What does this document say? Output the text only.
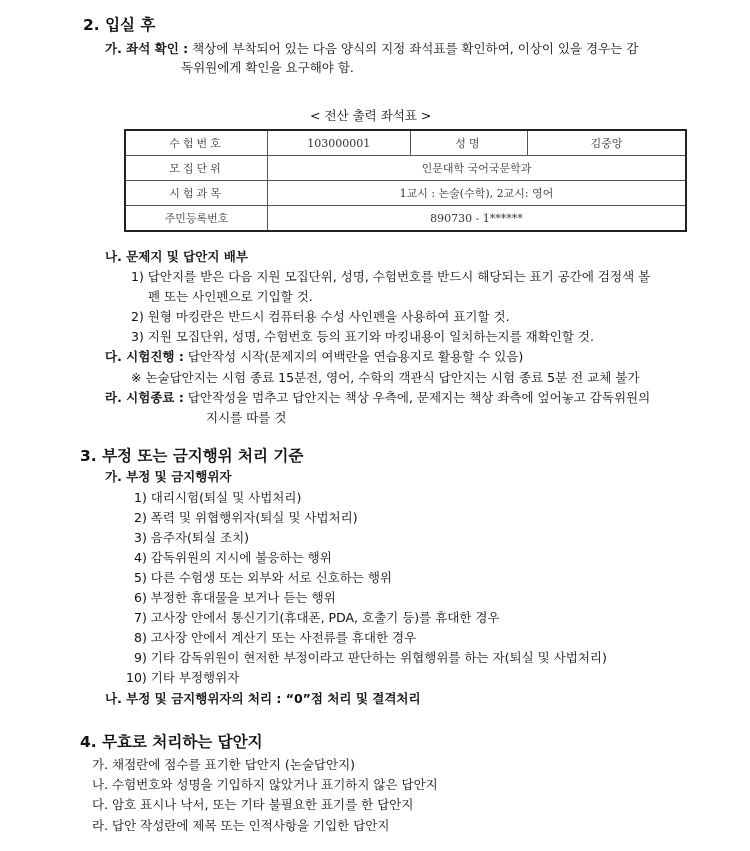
2. 입실 후
가. 좌석 확인 : 책상에 부착되어 있는 다음 양식의 지정 좌석표를 확인하여, 이상이 있을 경우는 감
독위원에게 확인을 요구해야 함.
< 전산 출력 좌석표 >
수험번호	103000001	성명	김중앙
모집단위	인문대학 국어국문학과		
시험과목	1교시 : 논술(수학), 2교시: 영어		
주민등록번호	890730 - 1******		
나. 문제지 및 답안지 배부
1) 답안지를 받은 다음 지원 모집단위, 성명, 수험번호를 반드시 해당되는 표기 공간에 검정색 볼
펜 또는 사인펜으로 기입할 것.
2) 원형 마킹란은 반드시 컴퓨터용 수성 사인펜을 사용하여 표기할 것.
3) 지원 모집단위, 성명, 수험번호 등의 표기와 마킹내용이 일치하는지를 재확인할 것.
다. 시험진행 : 답안작성 시작(문제지의 여백란을 연습용지로 활용할 수 있음)
※ 논술답안지는 시험 종료 15분전, 영어, 수학의 객관식 답안지는 시험 종료 5분 전 교체 불가
라. 시험종료 : 답안작성을 멈추고 답안지는 책상 우측에, 문제지는 책상 좌측에 엎어놓고 감독위원의
지시를 따를 것
3. 부정 또는 금지행위 처리 기준
가. 부정 및 금지행위자
1) 대리시험(퇴실 및 사법처리)
2) 폭력 및 위협행위자(퇴실 및 사법처리)
3) 음주자(퇴실 조치)
4) 감독위원의 지시에 불응하는 행위
5) 다른 수험생 또는 외부와 서로 신호하는 행위
6) 부정한 휴대물을 보거나 듣는 행위
7) 고사장 안에서 통신기기(휴대폰, PDA, 호출기 등)를 휴대한 경우
8) 고사장 안에서 계산기 또는 사전류를 휴대한 경우
9) 기타 감독위원이 현저한 부정이라고 판단하는 위협행위를 하는 자(퇴실 및 사법처리)
10) 기타 부정행위자
나. 부정 및 금지행위자의 처리 : “0”점 처리 및 결격처리
4. 무효로 처리하는 답안지
가. 채점란에 점수를 표기한 답안지 (논술답안지)
나. 수험번호와 성명을 기입하지 않았거나 표기하지 않은 답안지
다. 암호 표시나 낙서, 또는 기타 불필요한 표기를 한 답안지
라. 답안 작성란에 제목 또는 인적사항을 기입한 답안지
